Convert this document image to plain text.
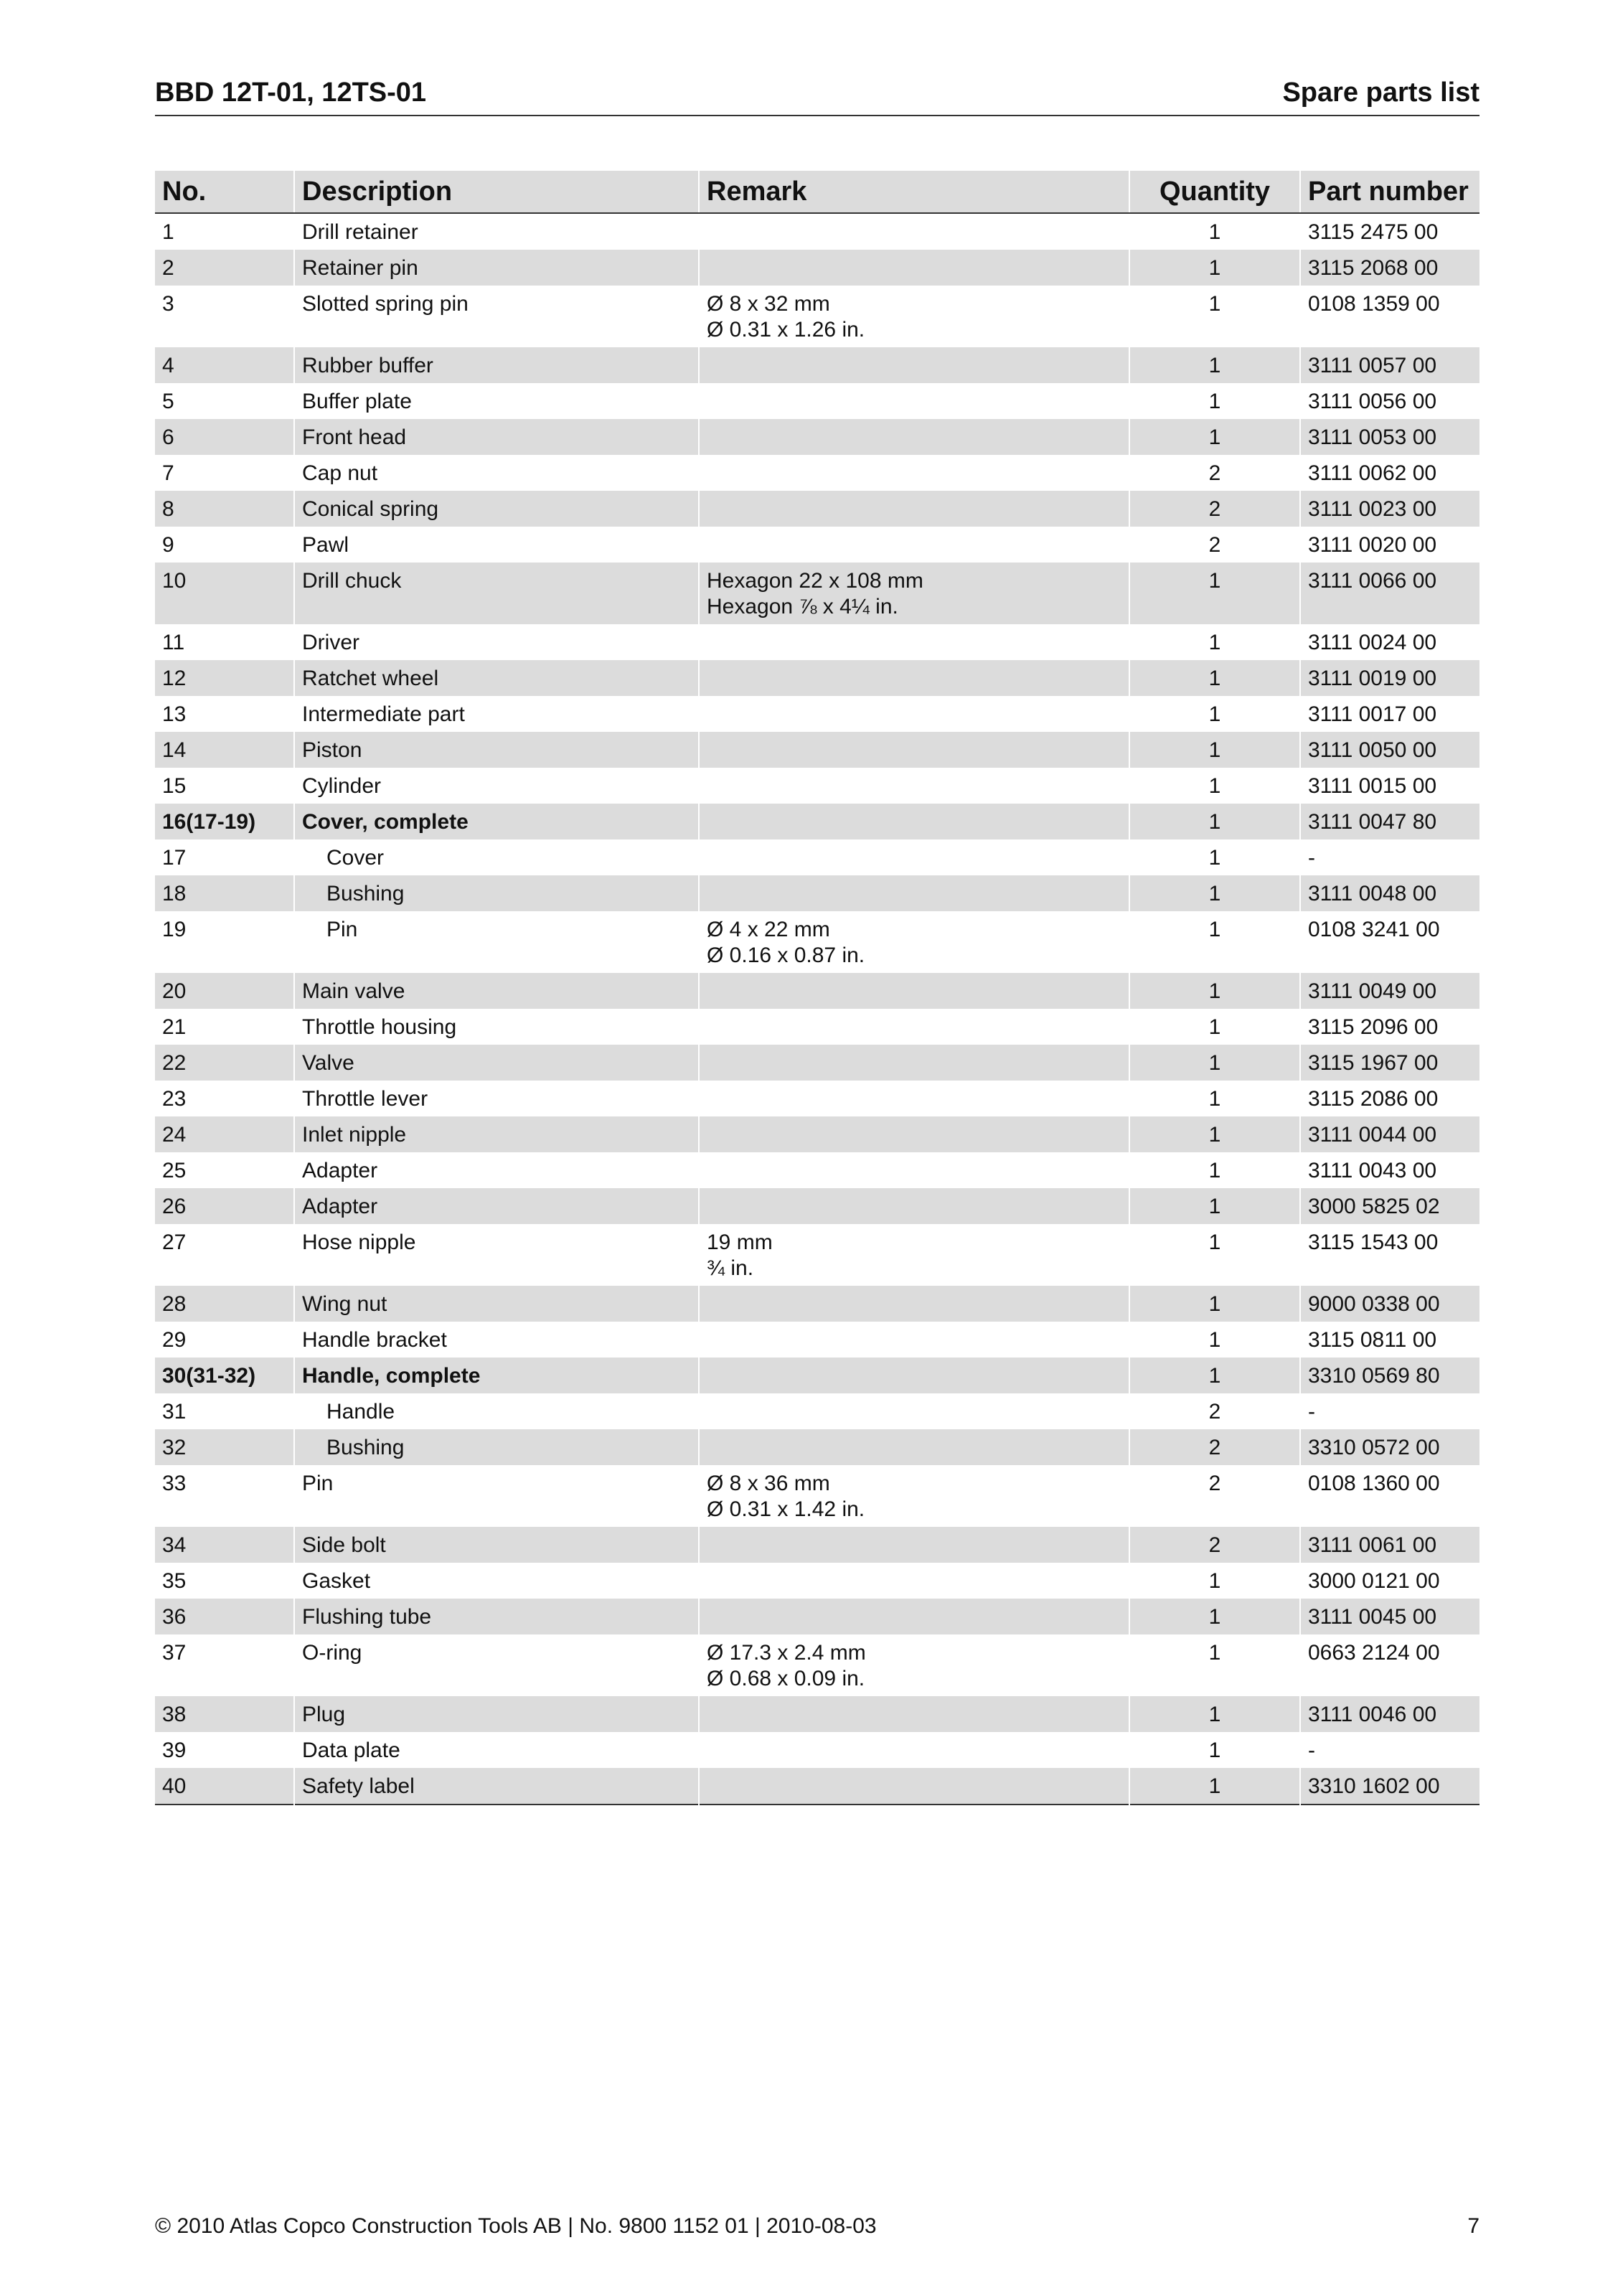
BBD 12T-01, 12TS-01	Spare parts list
No.	Description	Remark	Quantity	Part number
1	Drill retainer		1	3115 2475 00
2	Retainer pin		1	3115 2068 00
3	Slotted spring pin	Ø 8 x 32 mm
Ø 0.31 x 1.26 in.	1	0108 1359 00
4	Rubber buffer		1	3111 0057 00
5	Buffer plate		1	3111 0056 00
6	Front head		1	3111 0053 00
7	Cap nut		2	3111 0062 00
8	Conical spring		2	3111 0023 00
9	Pawl		2	3111 0020 00
10	Drill chuck	Hexagon 22 x 108 mm
Hexagon ⅞ x 4¼ in.	1	3111 0066 00
11	Driver		1	3111 0024 00
12	Ratchet wheel		1	3111 0019 00
13	Intermediate part		1	3111 0017 00
14	Piston		1	3111 0050 00
15	Cylinder		1	3111 0015 00
16(17-19)	Cover, complete		1	3111 0047 80
17	Cover		1	-
18	Bushing		1	3111 0048 00
19	Pin	Ø 4 x 22 mm
Ø 0.16 x 0.87 in.	1	0108 3241 00
20	Main valve		1	3111 0049 00
21	Throttle housing		1	3115 2096 00
22	Valve		1	3115 1967 00
23	Throttle lever		1	3115 2086 00
24	Inlet nipple		1	3111 0044 00
25	Adapter		1	3111 0043 00
26	Adapter		1	3000 5825 02
27	Hose nipple	19 mm
¾ in.	1	3115 1543 00
28	Wing nut		1	9000 0338 00
29	Handle bracket		1	3115 0811 00
30(31-32)	Handle, complete		1	3310 0569 80
31	Handle		2	-
32	Bushing		2	3310 0572 00
33	Pin	Ø 8 x 36 mm
Ø 0.31 x 1.42 in.	2	0108 1360 00
34	Side bolt		2	3111 0061 00
35	Gasket		1	3000 0121 00
36	Flushing tube		1	3111 0045 00
37	O-ring	Ø 17.3 x 2.4 mm
Ø 0.68 x 0.09 in.	1	0663 2124 00
38	Plug		1	3111 0046 00
39	Data plate		1	-
40	Safety label		1	3310 1602 00
© 2010 Atlas Copco Construction Tools AB | No. 9800 1152 01 | 2010-08-03	7
